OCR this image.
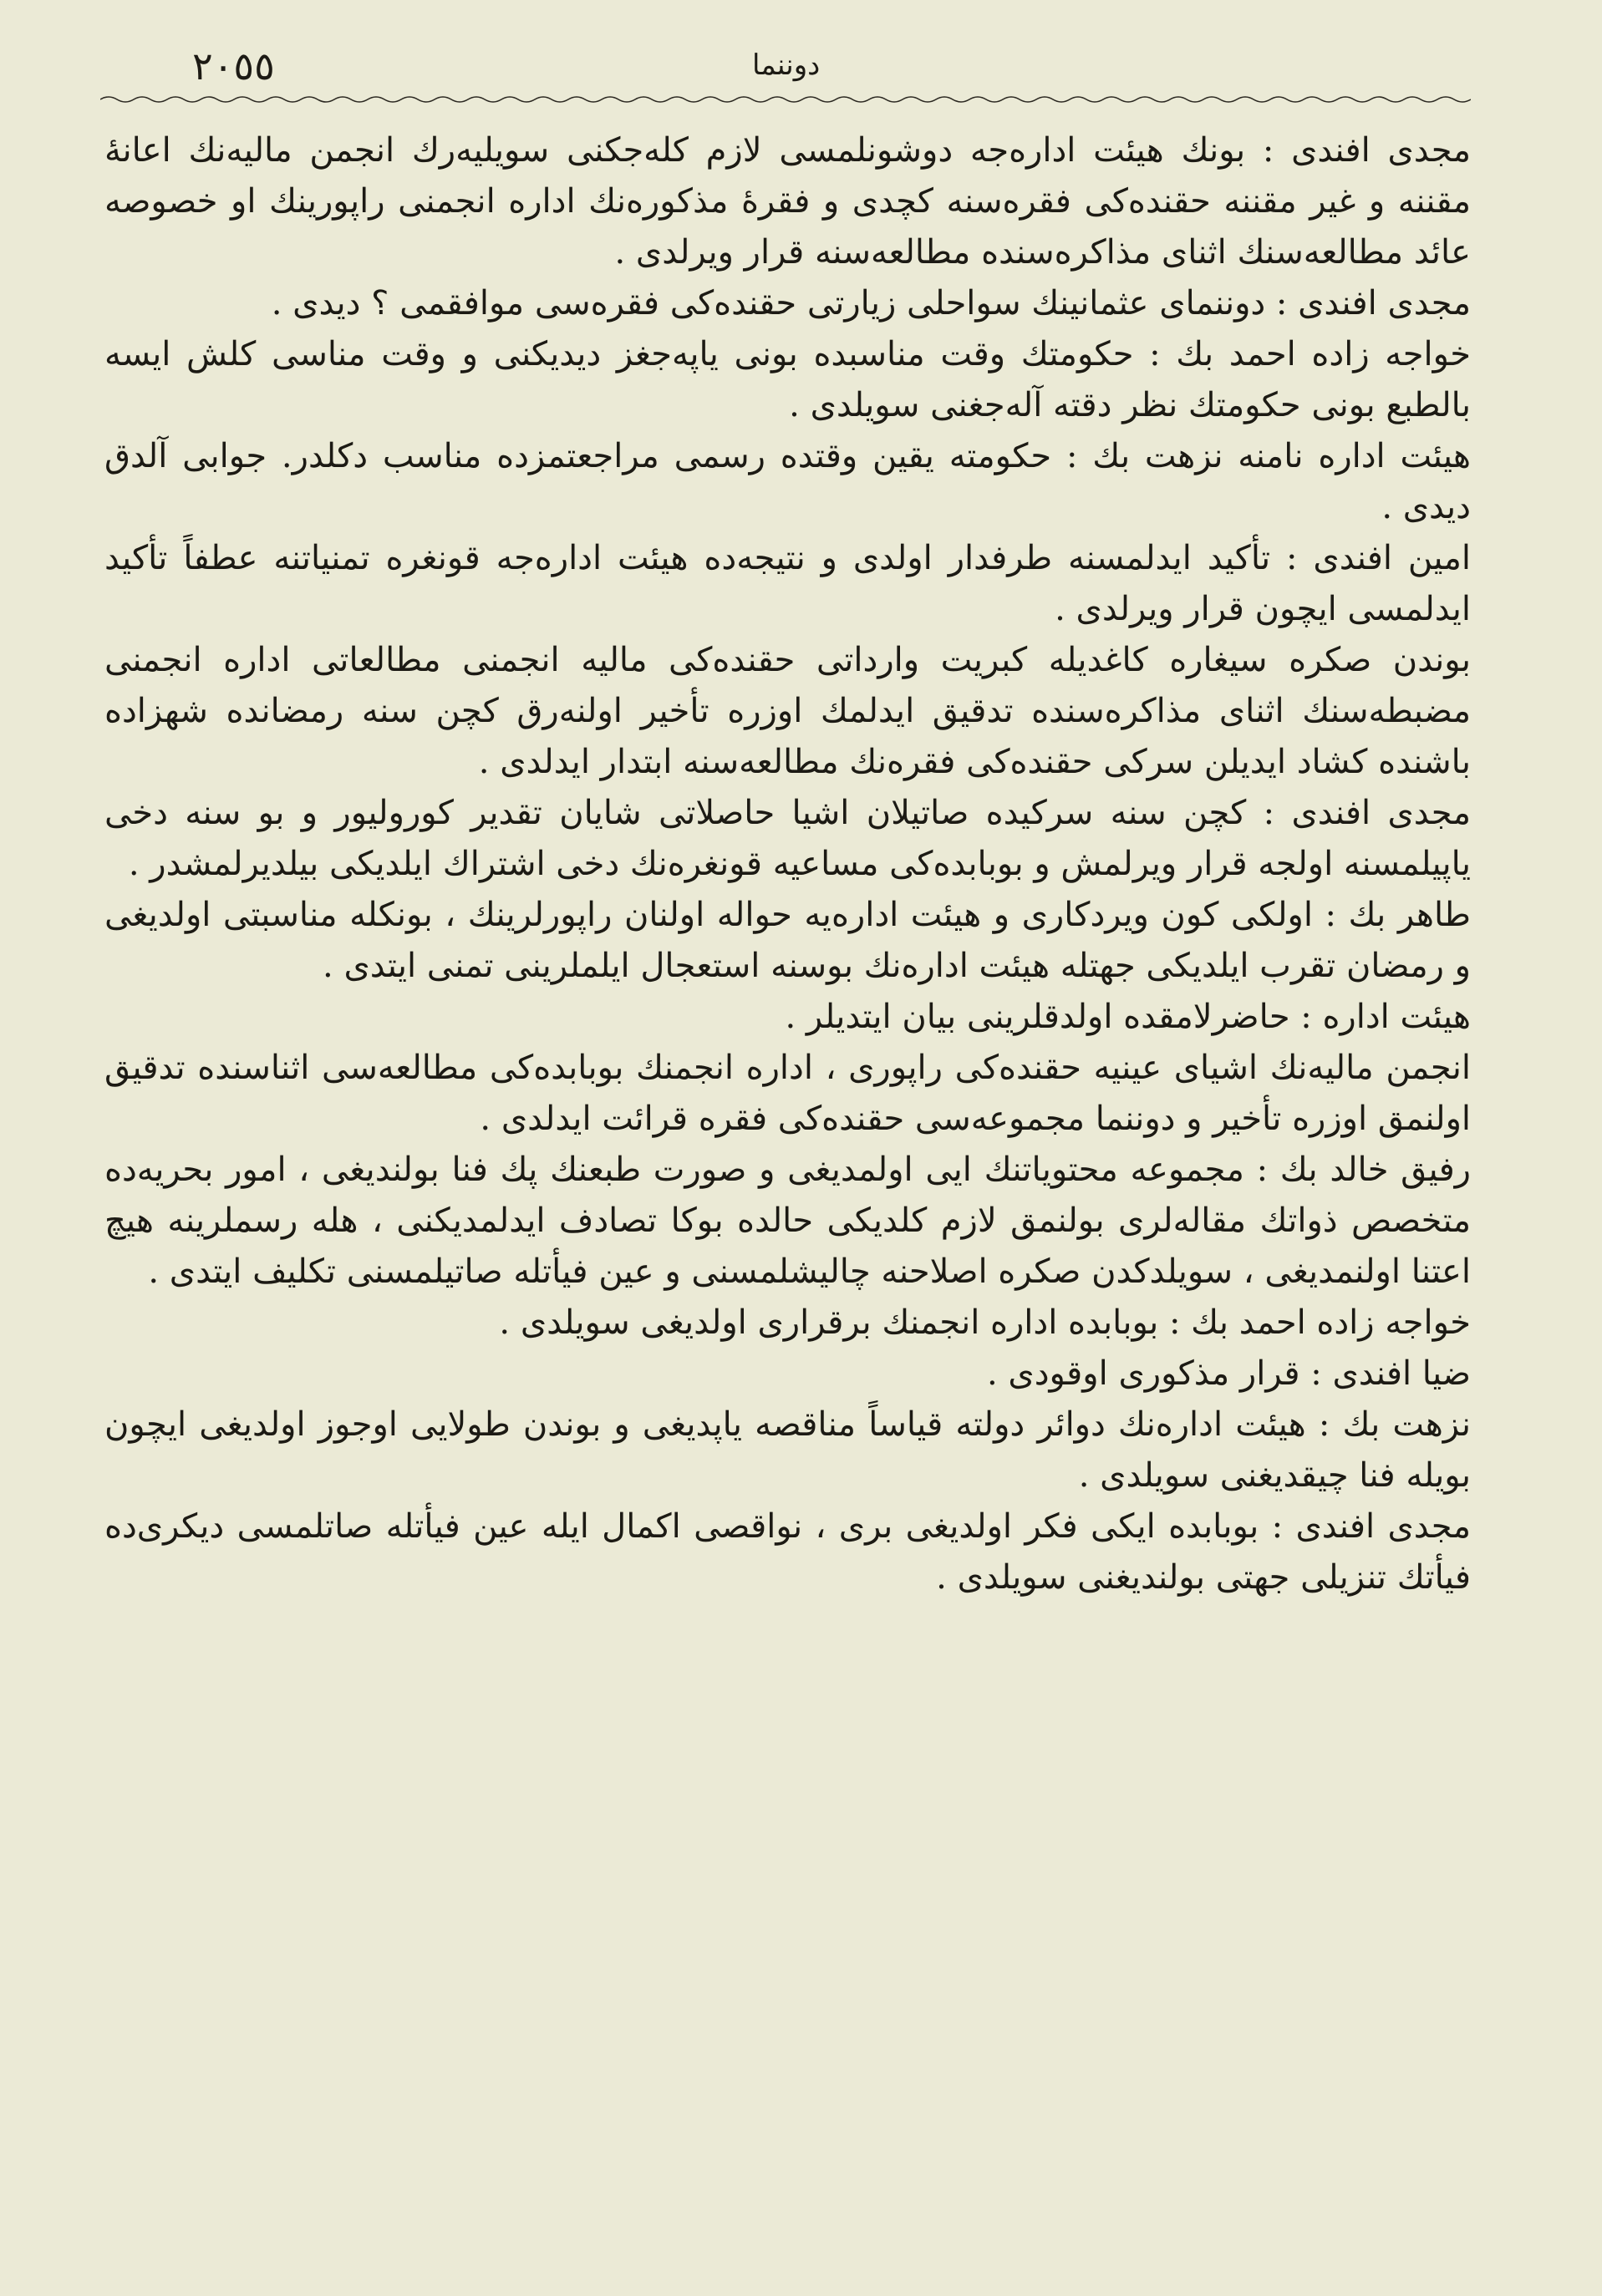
٢٠٥٥	دوننما

مجدی افندی : بونك هیئت اداره‌جه دوشونلمسی لازم كله‌جكنی سویلیه‌رك انجمن مالیه‌نك اعانهٔ مقننه و غیر مقننه حقنده‌كی فقره‌سنه كچدی و فقرهٔ مذكوره‌نك اداره انجمنی راپورینك او خصوصه عائد مطالعه‌سنك اثنای مذاكره‌سنده مطالعه‌سنه قرار ویرلدی .

مجدی افندی : دوننمای عثمانینك سواحلی زیارتی حقنده‌كی فقره‌سی موافقمی ؟ دیدی .

خواجه زاده احمد بك : حكومتك وقت مناسبده بونی یاپه‌جغز دیدیكنی و وقت مناسی كلش ایسه بالطبع بونی حكومتك نظر دقته آله‌جغنی سویلدی .

هیئت اداره نامنه نزهت بك : حكومته یقین وقتده رسمی مراجعتمزده مناسب دكلدر. جوابی آلدق دیدی .

امین افندی : تأكید ایدلمسنه طرفدار اولدی و نتیجه‌ده هیئت اداره‌جه قونغره تمنیاتنه عطفاً تأكید ایدلمسی ایچون قرار ویرلدی .

بوندن صكره سیغاره كاغدیله كبریت وارداتی حقنده‌كی مالیه انجمنی مطالعاتی اداره انجمنی مضبطه‌سنك اثنای مذاكره‌سنده تدقیق ایدلمك اوزره تأخیر اولنه‌رق كچن سنه رمضانده شهزاده باشنده كشاد ایدیلن سركی حقنده‌كی فقره‌نك مطالعه‌سنه ابتدار ایدلدی .

مجدی افندی : كچن سنه سركیده صاتیلان اشیا حاصلاتی شایان تقدیر كورولیور و بو سنه دخی یاپیلمسنه اولجه قرار ویرلمش و بوبابده‌كی مساعیه قونغره‌نك دخی اشتراك ایلدیكی بیلدیرلمشدر .

طاهر بك : اولكی كون ویردكاری و هیئت اداره‌یه حواله اولنان راپورلرینك ، بونكله مناسبتی اولدیغی و رمضان تقرب ایلدیكی جهتله هیئت اداره‌نك بوسنه استعجال ایلملرینی تمنی ایتدی .

هیئت اداره : حاضرلامقده اولدقلرینی بیان ایتدیلر .

انجمن مالیه‌نك اشیای عینیه حقنده‌كی راپوری ، اداره انجمنك بوبابده‌كی مطالعه‌سی اثناسنده تدقیق اولنمق اوزره تأخیر و دوننما مجموعه‌سی حقنده‌كی فقره قرائت ایدلدی .

رفیق خالد بك : مجموعه محتویاتنك ایی اولمدیغی و صورت طبعنك پك فنا بولندیغی ، امور بحریه‌ده متخصص ذواتك مقاله‌لری بولنمق لازم كلدیكی حالده بوكا تصادف ایدلمدیكنی ، هله رسملرینه هیچ اعتنا اولنمدیغی ، سویلدكدن صكره اصلاحنه چالیشلمسنی و عین فیأتله صاتیلمسنی تكلیف ایتدی .

خواجه زاده احمد بك : بوبابده اداره انجمنك برقراری اولدیغی سویلدی .

ضیا افندی : قرار مذكوری اوقودی .

نزهت بك : هیئت اداره‌نك دوائر دولته قیاساً مناقصه یاپدیغی و بوندن طولایی اوجوز اولدیغی ایچون بویله فنا چیقدیغنی سویلدی .

مجدی افندی : بوبابده ایكی فكر اولدیغی بری ، نواقصی اكمال ایله عین فیأتله صاتلمسی دیكری‌ده فیأتك تنزیلی جهتی بولندیغنی سویلدی .
